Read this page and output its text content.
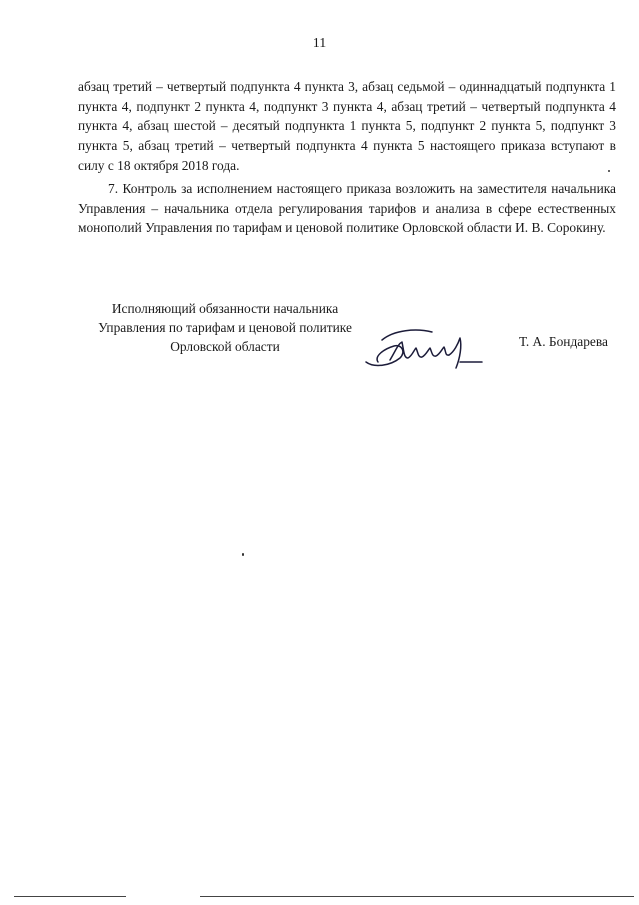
11

абзац третий – четвертый подпункта 4 пункта 3, абзац седьмой – одиннадцатый подпункта 1 пункта 4, подпункт 2 пункта 4, подпункт 3 пункта 4, абзац третий – четвертый подпункта 4 пункта 4, абзац шестой – десятый подпункта 1 пункта 5, подпункт 2 пункта 5, подпункт 3 пункта 5, абзац третий – четвертый подпункта 4 пункта 5 настоящего приказа вступают в силу с 18 октября 2018 года.

7. Контроль за исполнением настоящего приказа возложить на заместителя начальника Управления – начальника отдела регулирования тарифов и анализа в сфере естественных монополий Управления по тарифам и ценовой политике Орловской области И. В. Сорокину.

Исполняющий обязанности начальника
Управления по тарифам и ценовой политике
Орловской области	Т. А. Бондарева
